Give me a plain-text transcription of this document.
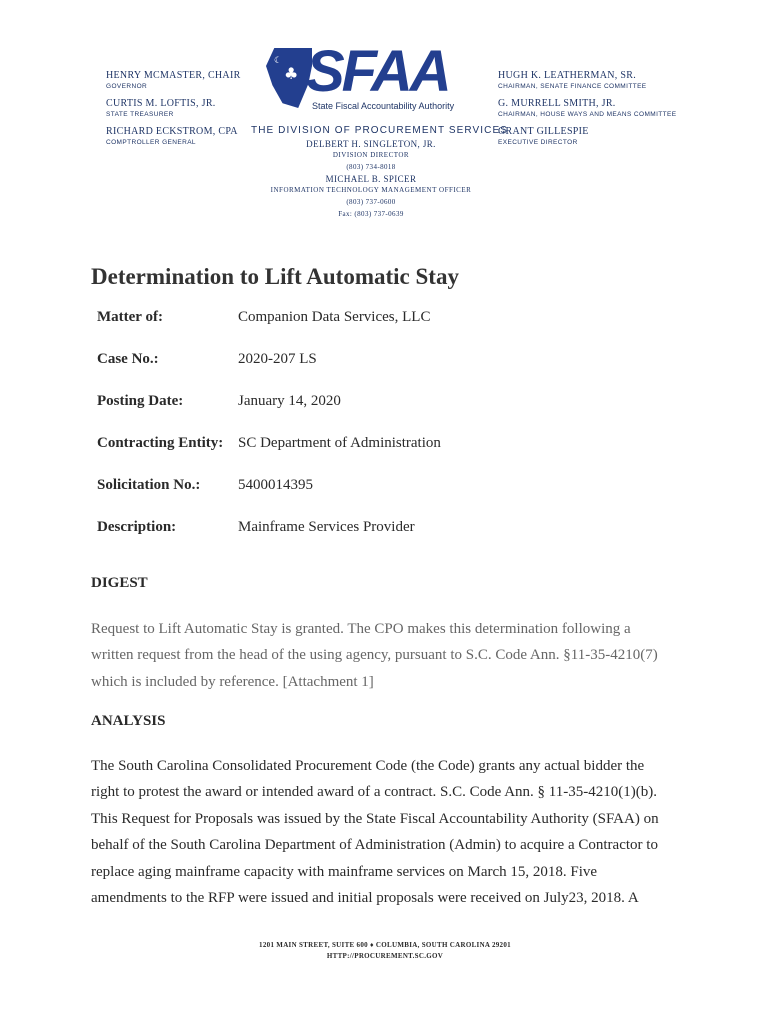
HENRY MCMASTER, CHAIR
GOVERNOR
CURTIS M. LOFTIS, JR.
STATE TREASURER
RICHARD ECKSTROM, CPA
COMPTROLLER GENERAL
☾
♣ SFAA
State Fiscal Accountability Authority
HUGH K. LEATHERMAN, SR.
CHAIRMAN, SENATE FINANCE COMMITTEE
G. MURRELL SMITH, JR.
CHAIRMAN, HOUSE WAYS AND MEANS COMMITTEE
GRANT GILLESPIE
EXECUTIVE DIRECTOR
THE DIVISION OF PROCUREMENT SERVICES
DELBERT H. SINGLETON, JR.
DIVISION DIRECTOR
(803) 734-8018
MICHAEL B. SPICER
INFORMATION TECHNOLOGY MANAGEMENT OFFICER
(803) 737-0600
Fax: (803) 737-0639
Determination to Lift Automatic Stay
Matter of:	Companion Data Services, LLC
Case No.:	2020-207 LS
Posting Date:	January 14, 2020
Contracting Entity: SC Department of Administration
Solicitation No.:	5400014395
Description:	Mainframe Services Provider
DIGEST

Request to Lift Automatic Stay is granted. The CPO makes this determination following a written request from the head of the using agency, pursuant to S.C. Code Ann. §11-35-4210(7) which is included by reference. [Attachment 1]

ANALYSIS

The South Carolina Consolidated Procurement Code (the Code) grants any actual bidder the right to protest the award or intended award of a contract. S.C. Code Ann. § 11-35-4210(1)(b). This Request for Proposals was issued by the State Fiscal Accountability Authority (SFAA) on behalf of the South Carolina Department of Administration (Admin) to acquire a Contractor to replace aging mainframe capacity with mainframe services on March 15, 2018. Five amendments to the RFP were issued and initial proposals were received on July23, 2018. A

1201 MAIN STREET, SUITE 600 ♦ COLUMBIA, SOUTH CAROLINA 29201
HTTP://PROCUREMENT.SC.GOV
